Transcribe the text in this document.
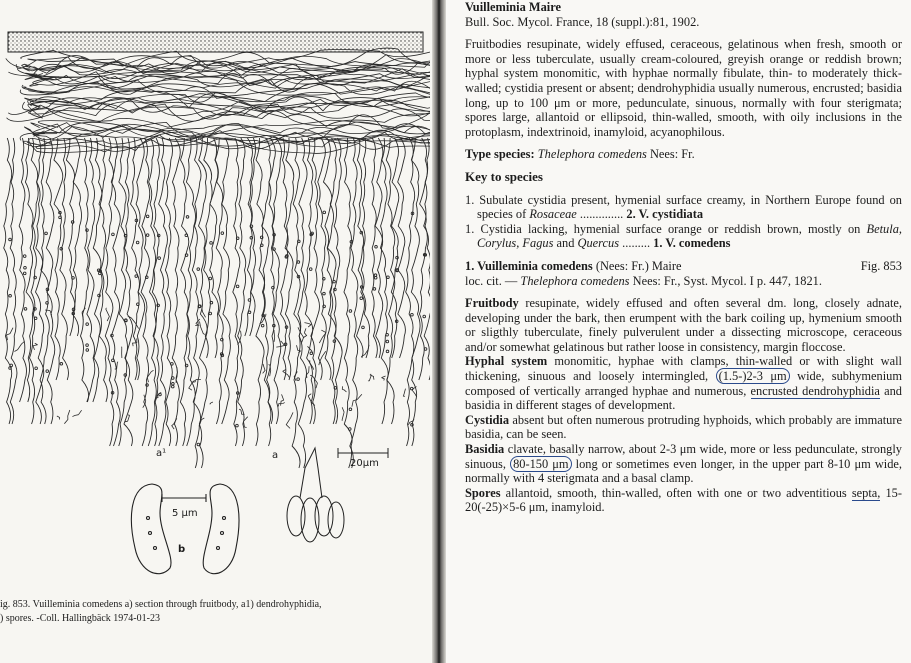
a¹	a
20μm
5 μm
b
ig. 853. Vuilleminia comedens a) section through fruitbody, a1) dendrohyphidia,
) spores. -Coll. Hallingbäck 1974-01-23

Vuilleminia Maire

Bull. Soc. Mycol. France, 18 (suppl.):81, 1902.

Fruitbodies resupinate, widely effused, ceraceous, gelatinous when fresh, smooth or more or less tuberculate, usually cream-coloured, greyish orange or reddish brown; hyphal system monomitic, with hyphae normally fibulate, thin- to moderately thick-walled; cystidia present or absent; dendrohyphidia usually numerous, encrusted; basidia long, up to 100 μm or more, pedunculate, sinuous, normally with four sterigmata; spores large, allantoid or ellipsoid, thin-walled, smooth, with oily inclusions in the protoplasm, indextrinoid, inamyloid, acyanophilous.

Type species: Thelephora comedens Nees: Fr.

Key to species

1. Subulate cystidia present, hymenial surface creamy, in Northern Europe found on species of Rosaceae .............. 2. V. cystidiata

1. Cystidia lacking, hymenial surface orange or reddish brown, mostly on Betula, Corylus, Fagus and Quercus ......... 1. V. comedens

Fig. 853
1. Vuilleminia comedens (Nees: Fr.) Maire

loc. cit. — Thelephora comedens Nees: Fr., Syst. Mycol. I p. 447, 1821.

Fruitbody resupinate, widely effused and often several dm. long, closely adnate, developing under the bark, then erumpent with the bark coiling up, hymenium smooth or sligthly tuberculate, finely pulverulent under a dissecting microscope, ceraceous and/or somewhat gelatinous but rather loose in consistency, margin floccose.

Hyphal system monomitic, hyphae with clamps, thin-walled or with slight wall thickening, sinuous and loosely intermingled, (1.5-)2-3 μm wide, subhymenium composed of vertically arranged hyphae and numerous, encrusted dendrohyphidia and basidia in different stages of development.

Cystidia absent but often numerous protruding hyphoids, which probably are immature basidia, can be seen.

Basidia clavate, basally narrow, about 2-3 μm wide, more or less pedunculate, strongly sinuous, 80-150 μm long or sometimes even longer, in the upper part 8-10 μm wide, normally with 4 sterigmata and a basal clamp.

Spores allantoid, smooth, thin-walled, often with one or two adventitious septa, 15-20(-25)×5-6 μm, inamyloid.
